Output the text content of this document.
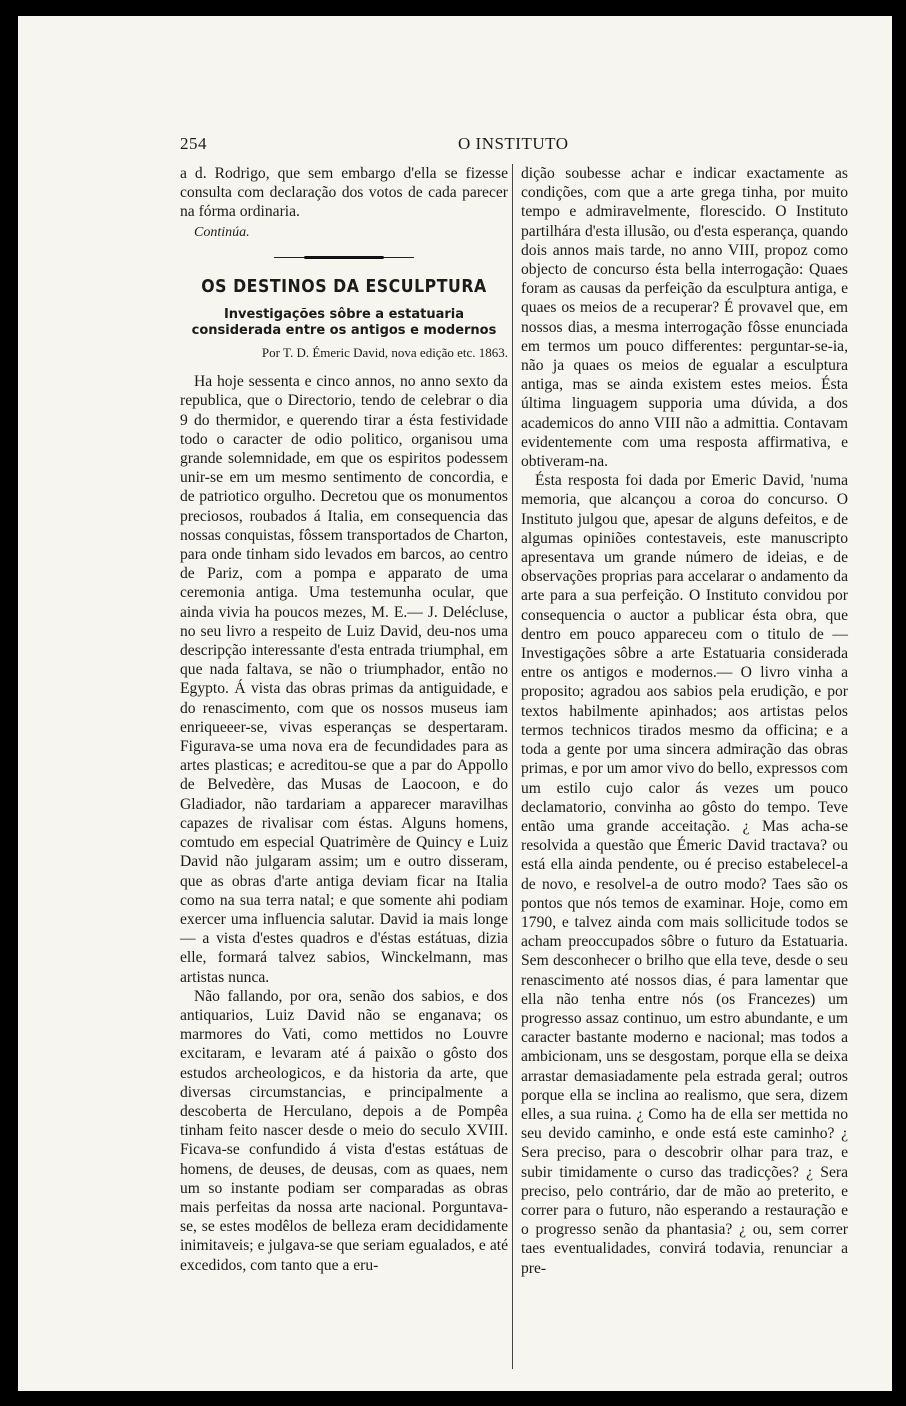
254	O INSTITUTO

a d. Rodrigo, que sem embargo d'ella se fizesse consulta com declaração dos votos de cada parecer na fórma ordinaria.

Continúa.
OS DESTINOS DA ESCULPTURA
Investigações sôbre a estatuaria considerada entre os antigos e modernos
Por T. D. Émeric David, nova edição etc. 1863.

Ha hoje sessenta e cinco annos, no anno sexto da republica, que o Directorio, tendo de celebrar o dia 9 do thermidor, e querendo tirar a ésta festividade todo o caracter de odio politico, organisou uma grande solemnidade, em que os espiritos podessem unir-se em um mesmo sentimento de concordia, e de patriotico orgulho. Decretou que os monumentos preciosos, roubados á Italia, em consequencia das nossas conquistas, fôssem transportados de Charton, para onde tinham sido levados em barcos, ao centro de Pariz, com a pompa e apparato de uma ceremonia antiga. Uma testemunha ocular, que ainda vivia ha poucos mezes, M. E.— J. Delécluse, no seu livro a respeito de Luiz David, deu-nos uma descripção interessante d'esta entrada triumphal, em que nada faltava, se não o triumphador, então no Egypto. Á vista das obras primas da antiguidade, e do renascimento, com que os nossos museus iam enriqueeer-se, vivas esperanças se despertaram. Figurava-se uma nova era de fecundidades para as artes plasticas; e acreditou-se que a par do Appollo de Belvedère, das Musas de Laocoon, e do Gladiador, não tardariam a apparecer maravilhas capazes de rivalisar com éstas. Alguns homens, comtudo em especial Quatrimère de Quincy e Luiz David não julgaram assim; um e outro disseram, que as obras d'arte antiga deviam ficar na Italia como na sua terra natal; e que somente ahi podiam exercer uma influencia salutar. David ia mais longe — a vista d'estes quadros e d'éstas estátuas, dizia elle, formará talvez sabios, Winckelmann, mas artistas nunca.

Não fallando, por ora, senão dos sabios, e dos antiquarios, Luiz David não se enganava; os marmores do Vati, como mettidos no Louvre excitaram, e levaram até á paixão o gôsto dos estudos archeologicos, e da historia da arte, que diversas circumstancias, e principalmente a descoberta de Herculano, depois a de Pompêa tinham feito nascer desde o meio do seculo XVIII. Ficava-se confundido á vista d'estas estátuas de homens, de deuses, de deusas, com as quaes, nem um so instante podiam ser comparadas as obras mais perfeitas da nossa arte nacional. Porguntava-se, se estes modêlos de belleza eram decididamente inimitaveis; e julgava-se que seriam egualados, e até excedidos, com tanto que a eru-

dição soubesse achar e indicar exactamente as condições, com que a arte grega tinha, por muito tempo e admiravelmente, florescido. O Instituto partilhára d'esta illusão, ou d'esta esperança, quando dois annos mais tarde, no anno VIII, propoz como objecto de concurso ésta bella interrogação: Quaes foram as causas da perfeição da esculptura antiga, e quaes os meios de a recuperar? É provavel que, em nossos dias, a mesma interrogação fôsse enunciada em termos um pouco differentes: perguntar-se-ia, não ja quaes os meios de egualar a esculptura antiga, mas se ainda existem estes meios. Ésta última linguagem supporia uma dúvida, a dos academicos do anno VIII não a admittia. Contavam evidentemente com uma resposta affirmativa, e obtiveram-na.

Ésta resposta foi dada por Emeric David, 'numa memoria, que alcançou a coroa do concurso. O Instituto julgou que, apesar de alguns defeitos, e de algumas opiniões contestaveis, este manuscripto apresentava um grande número de ideias, e de observações proprias para accelarar o andamento da arte para a sua perfeição. O Instituto convidou por consequencia o auctor a publicar ésta obra, que dentro em pouco appareceu com o titulo de — Investigações sôbre a arte Estatuaria considerada entre os antigos e modernos.— O livro vinha a proposito; agradou aos sabios pela erudição, e por textos habilmente apinhados; aos artistas pelos termos technicos tirados mesmo da officina; e a toda a gente por uma sincera admiração das obras primas, e por um amor vivo do bello, expressos com um estilo cujo calor ás vezes um pouco declamatorio, convinha ao gôsto do tempo. Teve então uma grande acceitação. ¿ Mas acha-se resolvida a questão que Émeric David tractava? ou está ella ainda pendente, ou é preciso estabelecel-a de novo, e resolvel-a de outro modo? Taes são os pontos que nós temos de examinar. Hoje, como em 1790, e talvez ainda com mais sollicitude todos se acham preoccupados sôbre o futuro da Estatuaria. Sem desconhecer o brilho que ella teve, desde o seu renascimento até nossos dias, é para lamentar que ella não tenha entre nós (os Francezes) um progresso assaz continuo, um estro abundante, e um caracter bastante moderno e nacional; mas todos a ambicionam, uns se desgostam, porque ella se deixa arrastar demasiadamente pela estrada geral; outros porque ella se inclina ao realismo, que sera, dizem elles, a sua ruina. ¿ Como ha de ella ser mettida no seu devido caminho, e onde está este caminho? ¿ Sera preciso, para o descobrir olhar para traz, e subir timidamente o curso das tradicções? ¿ Sera preciso, pelo contrário, dar de mão ao preterito, e correr para o futuro, não esperando a restauração e o progresso senão da phantasia? ¿ ou, sem correr taes eventualidades, convirá todavia, renunciar a pre-
